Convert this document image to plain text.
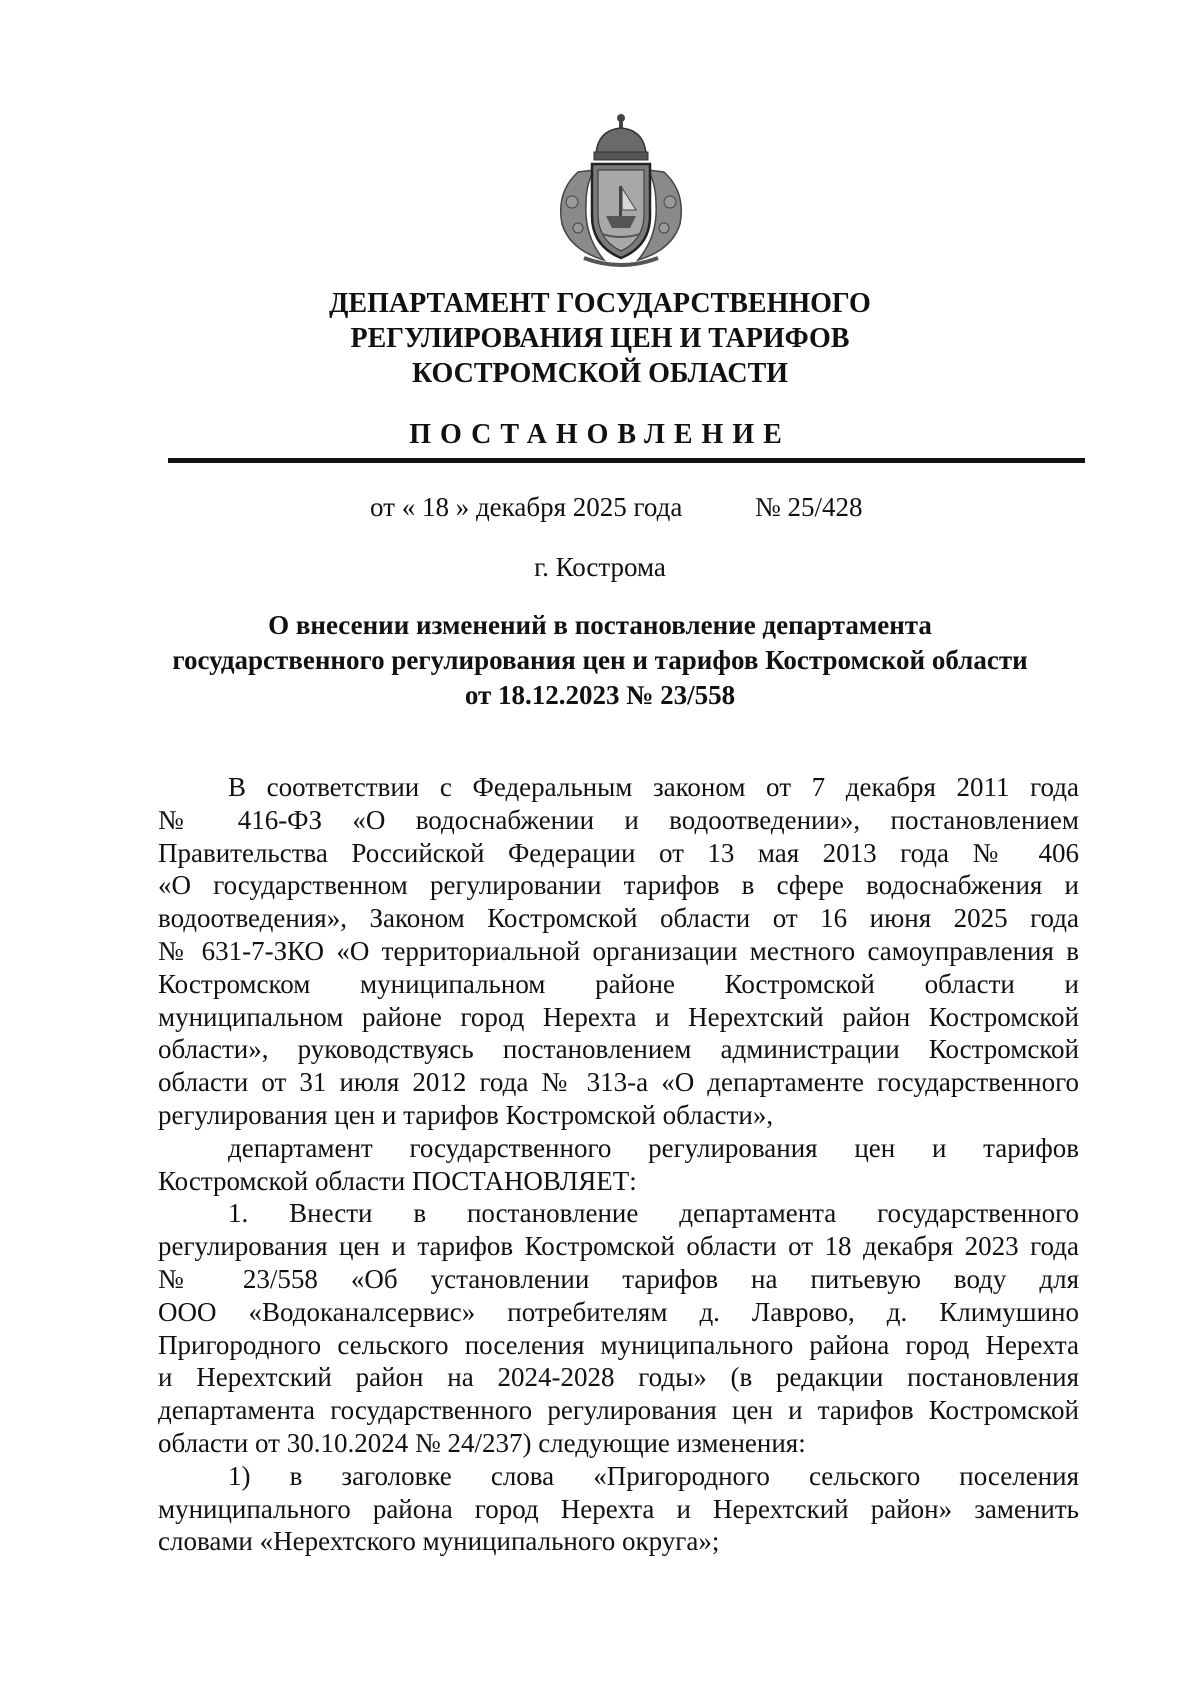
ДЕПАРТАМЕНТ ГОСУДАРСТВЕННОГО
РЕГУЛИРОВАНИЯ ЦЕН И ТАРИФОВ
КОСТРОМСКОЙ ОБЛАСТИ
ПОСТАНОВЛЕНИЕ
от « 18 » декабря 2025 года	№ 25/428
г. Кострома
О внесении изменений в постановление департамента
государственного регулирования цен и тарифов Костромской области
от 18.12.2023 № 23/558
В соответствии с Федеральным законом от 7 декабря 2011 года
№ 416-ФЗ «О водоснабжении и водоотведении», постановлением
Правительства Российской Федерации от 13 мая 2013 года № 406
«О государственном регулировании тарифов в сфере водоснабжения и
водоотведения», Законом Костромской области от 16 июня 2025 года
№ 631-7-ЗКО «О территориальной организации местного самоуправления в
Костромском муниципальном районе Костромской области и
муниципальном районе город Нерехта и Нерехтский район Костромской
области», руководствуясь постановлением администрации Костромской
области от 31 июля 2012 года № 313-а «О департаменте государственного
регулирования цен и тарифов Костромской области»,
департамент государственного регулирования цен и тарифов
Костромской области ПОСТАНОВЛЯЕТ:
1. Внести в постановление департамента государственного
регулирования цен и тарифов Костромской области от 18 декабря 2023 года
№ 23/558 «Об установлении тарифов на питьевую воду для
ООО «Водоканалсервис» потребителям д. Лаврово, д. Климушино
Пригородного сельского поселения муниципального района город Нерехта
и Нерехтский район на 2024-2028 годы» (в редакции постановления
департамента государственного регулирования цен и тарифов Костромской
области от 30.10.2024 № 24/237) следующие изменения:
1) в заголовке слова «Пригородного сельского поселения
муниципального района город Нерехта и Нерехтский район» заменить
словами «Нерехтского муниципального округа»;
